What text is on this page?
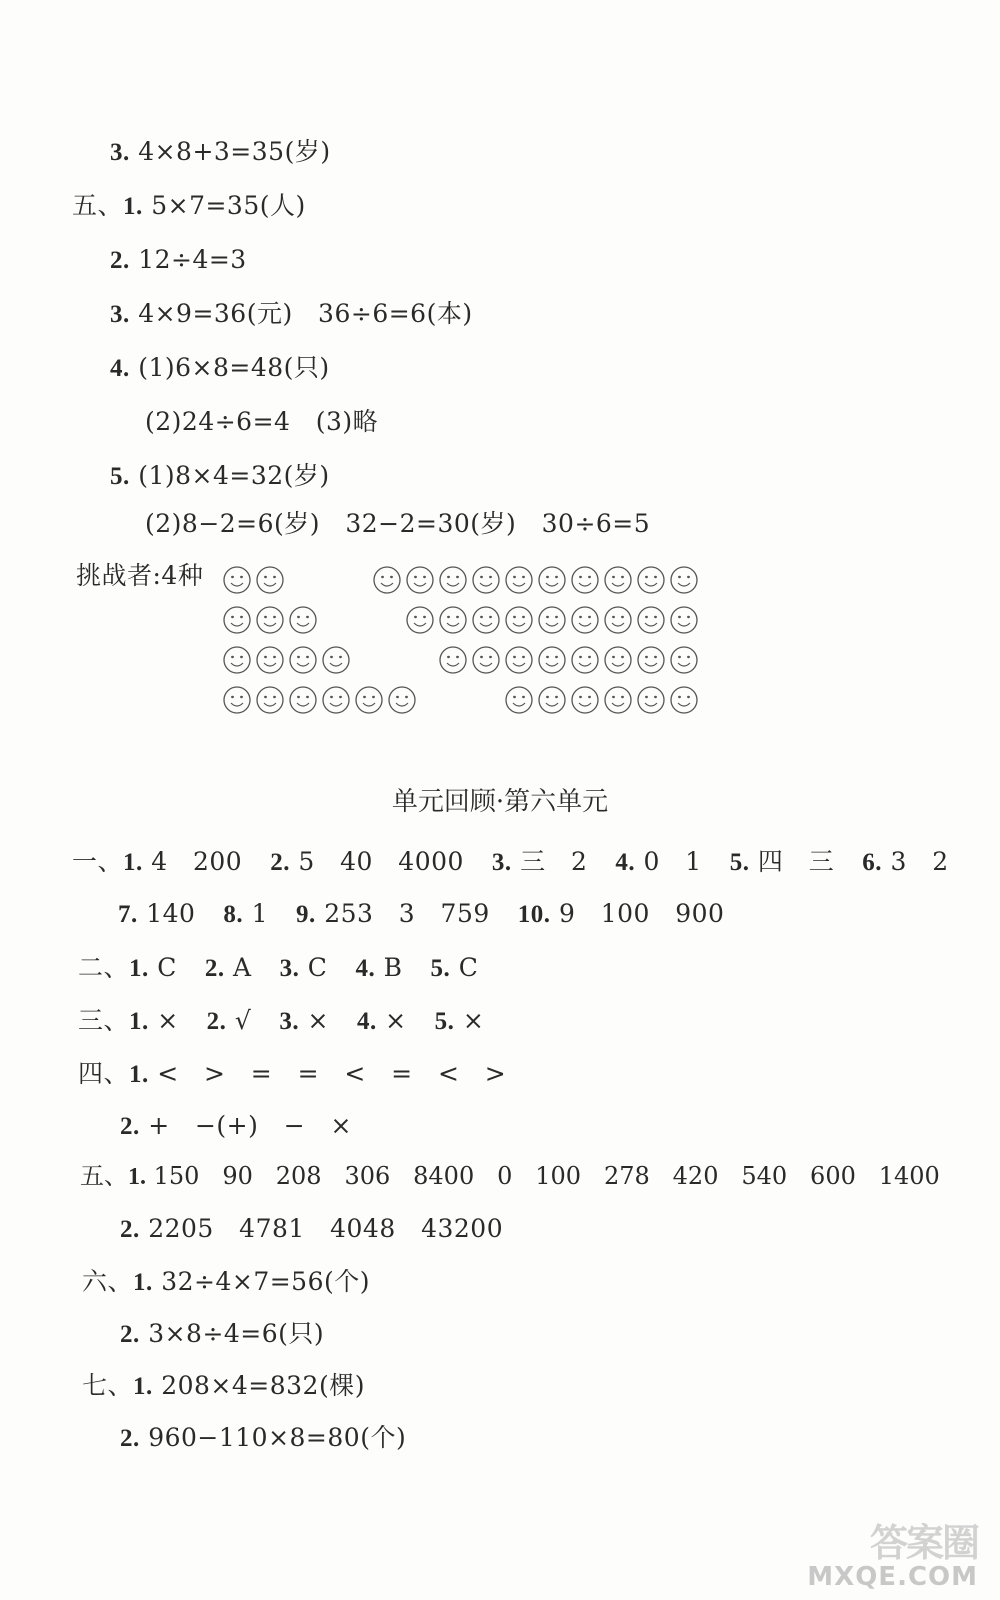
3. 4×8+3=35(岁)
五、1. 5×7=35(人)
2. 12÷4=3
3. 4×9=36(元)   36÷6=6(本)
4. (1)6×8=48(只)
(2)24÷6=4   (3)略
5. (1)8×4=32(岁)
(2)8−2=6(岁)   32−2=30(岁)   30÷6=5
挑战者:4种
单元回顾·第六单元
一、1. 4   200 2. 5   40   4000 3. 三   2 4. 0   1 5. 四   三 6. 3   2
7. 140 8. 1 9. 253   3   759 10. 9   100   900
二、1. C 2. A 3. C 4. B 5. C
三、1. × 2. √ 3. × 4. × 5. ×
四、1. <   >   =   =   <   =   <   >
2. +   −(+)   −   ×
五、1. 150   90   208   306   8400   0   100   278   420   540   600   1400
2. 2205   4781   4048   43200
六、1. 32÷4×7=56(个)
2. 3×8÷4=6(只)
七、1. 208×4=832(棵)
2. 960−110×8=80(个)
答案圈
MXQE.COM
